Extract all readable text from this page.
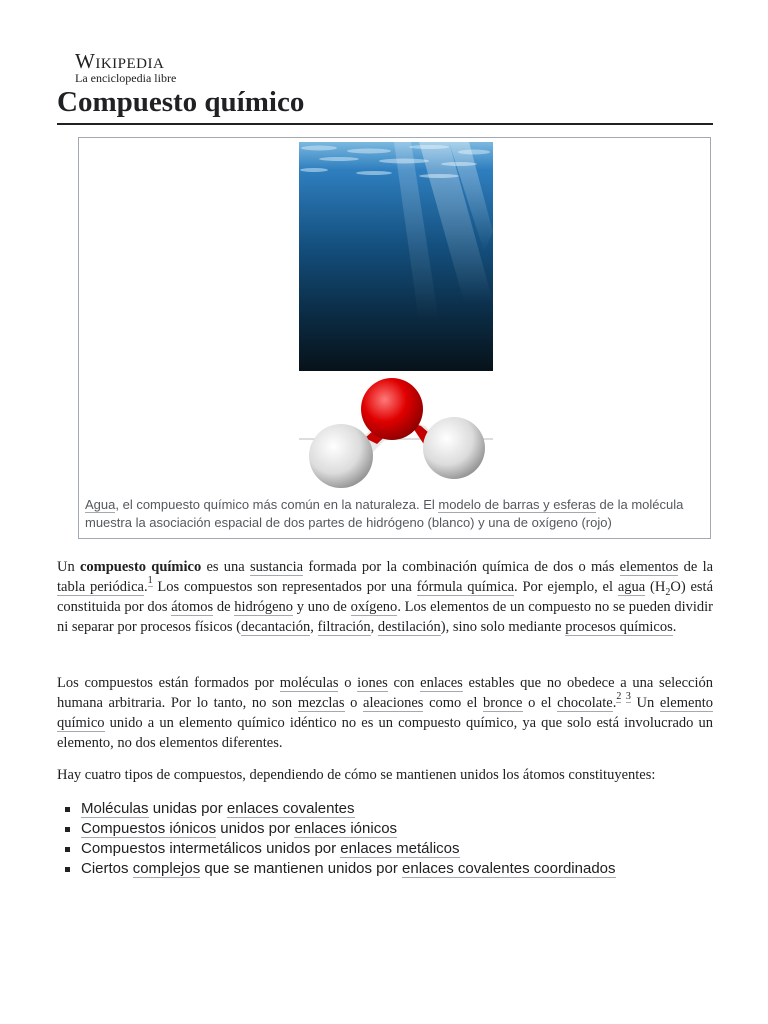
Wikipedia
La enciclopedia libre
Compuesto químico
Agua, el compuesto químico más común en la naturaleza. El modelo de barras y esferas de la molécula muestra la asociación espacial de dos partes de hidrógeno (blanco) y una de oxígeno (rojo)
Un compuesto químico es una sustancia formada por la combinación química de dos o más elementos de la tabla periódica.$^1$ Los compuestos son representados por una fórmula química. Por ejemplo, el agua $(H_2O)$ está constituida por dos átomos de hidrógeno y uno de oxígeno. Los elementos de un compuesto no se pueden dividir ni separar por procesos físicos (decantación, filtración, destilación), sino solo mediante procesos químicos.
Los compuestos están formados por moléculas o iones con enlaces estables que no obedece a una selección humana arbitraria. Por lo tanto, no son mezclas o aleaciones como el bronce o el chocolate.$^{2 3}$ Un elemento químico unido a un elemento químico idéntico no es un compuesto químico, ya que solo está involucrado un elemento, no dos elementos diferentes.
Hay cuatro tipos de compuestos, dependiendo de cómo se mantienen unidos los átomos constituyentes:
Moléculas unidas por enlaces covalentes
Compuestos iónicos unidos por enlaces iónicos
Compuestos intermetálicos unidos por enlaces metálicos
Ciertos complejos que se mantienen unidos por enlaces covalentes coordinados
